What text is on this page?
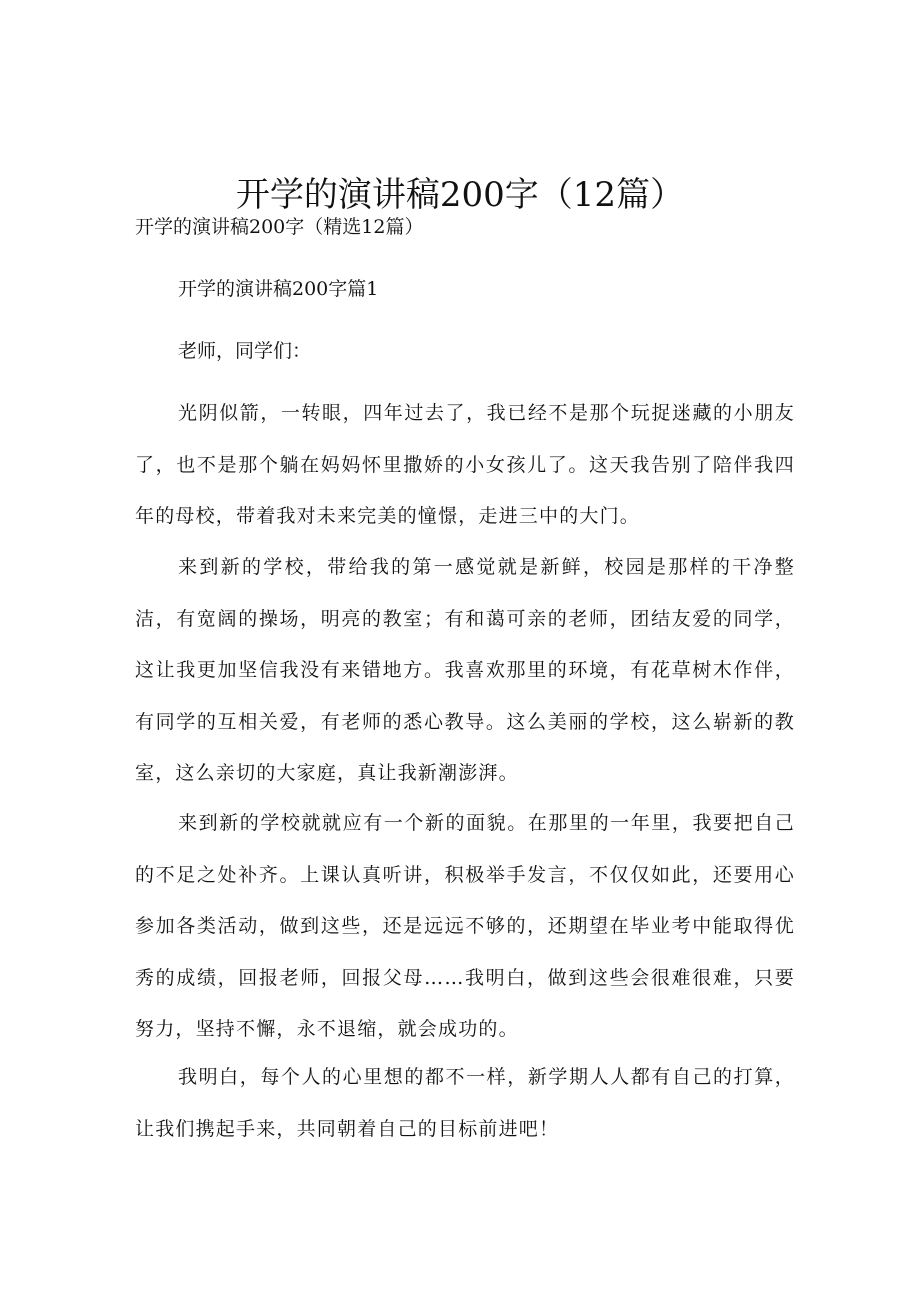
开学的演讲稿200字（12篇）
开学的演讲稿200字（精选12篇）
开学的演讲稿200字篇1
老师，同学们：

光阴似箭，一转眼，四年过去了，我已经不是那个玩捉迷藏的小朋友了，也不是那个躺在妈妈怀里撒娇的小女孩儿了。这天我告别了陪伴我四年的母校，带着我对未来完美的憧憬，走进三中的大门。

来到新的学校，带给我的第一感觉就是新鲜，校园是那样的干净整洁，有宽阔的操场，明亮的教室；有和蔼可亲的老师，团结友爱的同学，这让我更加坚信我没有来错地方。我喜欢那里的环境，有花草树木作伴，有同学的互相关爱，有老师的悉心教导。这么美丽的学校，这么崭新的教室，这么亲切的大家庭，真让我新潮澎湃。

来到新的学校就就应有一个新的面貌。在那里的一年里，我要把自己的不足之处补齐。上课认真听讲，积极举手发言，不仅仅如此，还要用心参加各类活动，做到这些，还是远远不够的，还期望在毕业考中能取得优秀的成绩，回报老师，回报父母……我明白，做到这些会很难很难，只要努力，坚持不懈，永不退缩，就会成功的。

我明白，每个人的心里想的都不一样，新学期人人都有自己的打算，让我们携起手来，共同朝着自己的目标前进吧！
